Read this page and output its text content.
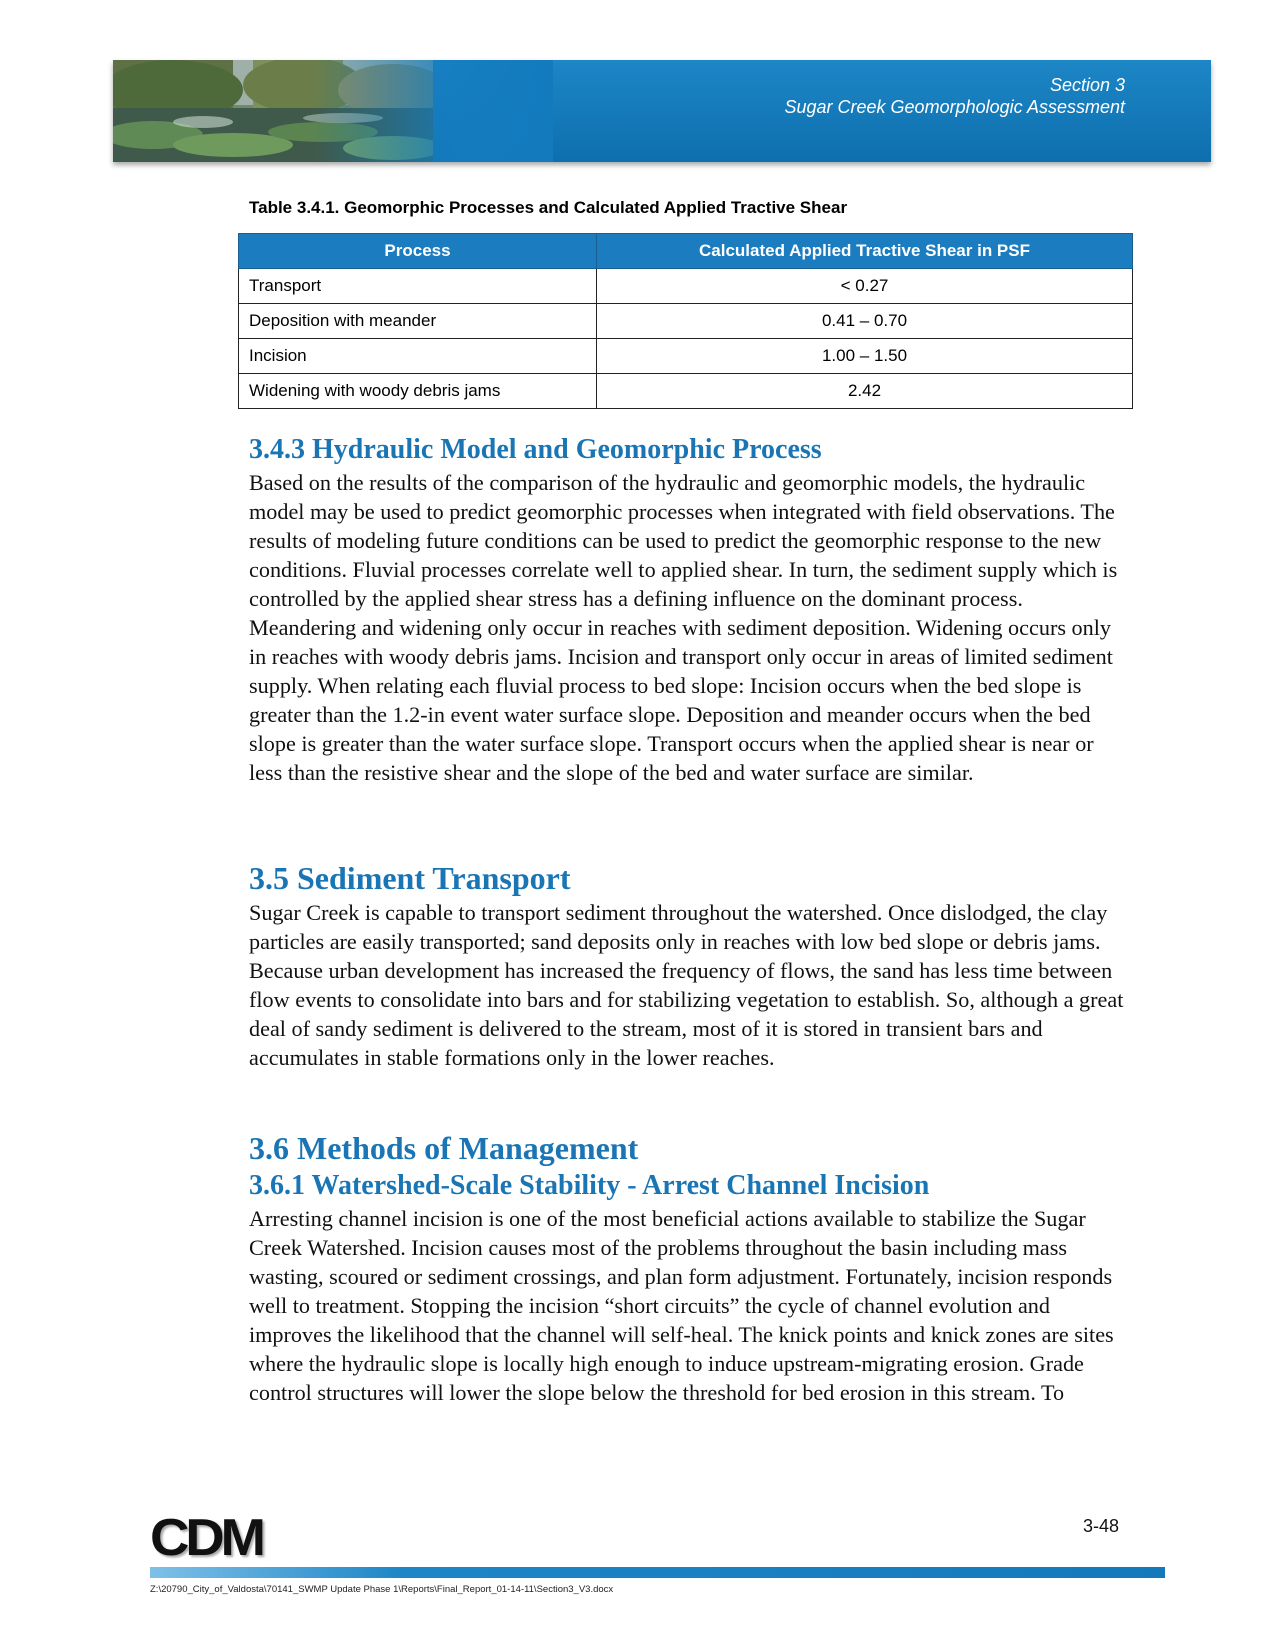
Section 3
Sugar Creek Geomorphologic Assessment
Table 3.4.1. Geomorphic Processes and Calculated Applied Tractive Shear
Process	Calculated Applied Tractive Shear in PSF
Transport	< 0.27
Deposition with meander	0.41 – 0.70
Incision	1.00 – 1.50
Widening with woody debris jams	2.42
3.4.3 Hydraulic Model and Geomorphic Process

Based on the results of the comparison of the hydraulic and geomorphic models, the hydraulic model may be used to predict geomorphic processes when integrated with field observations. The results of modeling future conditions can be used to predict the geomorphic response to the new conditions. Fluvial processes correlate well to applied shear. In turn, the sediment supply which is controlled by the applied shear stress has a defining influence on the dominant process. Meandering and widening only occur in reaches with sediment deposition. Widening occurs only in reaches with woody debris jams. Incision and transport only occur in areas of limited sediment supply. When relating each fluvial process to bed slope: Incision occurs when the bed slope is greater than the 1.2-in event water surface slope. Deposition and meander occurs when the bed slope is greater than the water surface slope. Transport occurs when the applied shear is near or less than the resistive shear and the slope of the bed and water surface are similar.

3.5 Sediment Transport

Sugar Creek is capable to transport sediment throughout the watershed. Once dislodged, the clay particles are easily transported; sand deposits only in reaches with low bed slope or debris jams. Because urban development has increased the frequency of flows, the sand has less time between flow events to consolidate into bars and for stabilizing vegetation to establish. So, although a great deal of sandy sediment is delivered to the stream, most of it is stored in transient bars and accumulates in stable formations only in the lower reaches.

3.6 Methods of Management
3.6.1 Watershed-Scale Stability - Arrest Channel Incision

Arresting channel incision is one of the most beneficial actions available to stabilize the Sugar Creek Watershed. Incision causes most of the problems throughout the basin including mass wasting, scoured or sediment crossings, and plan form adjustment. Fortunately, incision responds well to treatment. Stopping the incision “short circuits” the cycle of channel evolution and improves the likelihood that the channel will self-heal. The knick points and knick zones are sites where the hydraulic slope is locally high enough to induce upstream-migrating erosion. Grade control structures will lower the slope below the threshold for bed erosion in this stream. To

CDM	3-48
Z:\20790_City_of_Valdosta\70141_SWMP Update Phase 1\Reports\Final_Report_01-14-11\Section3_V3.docx
